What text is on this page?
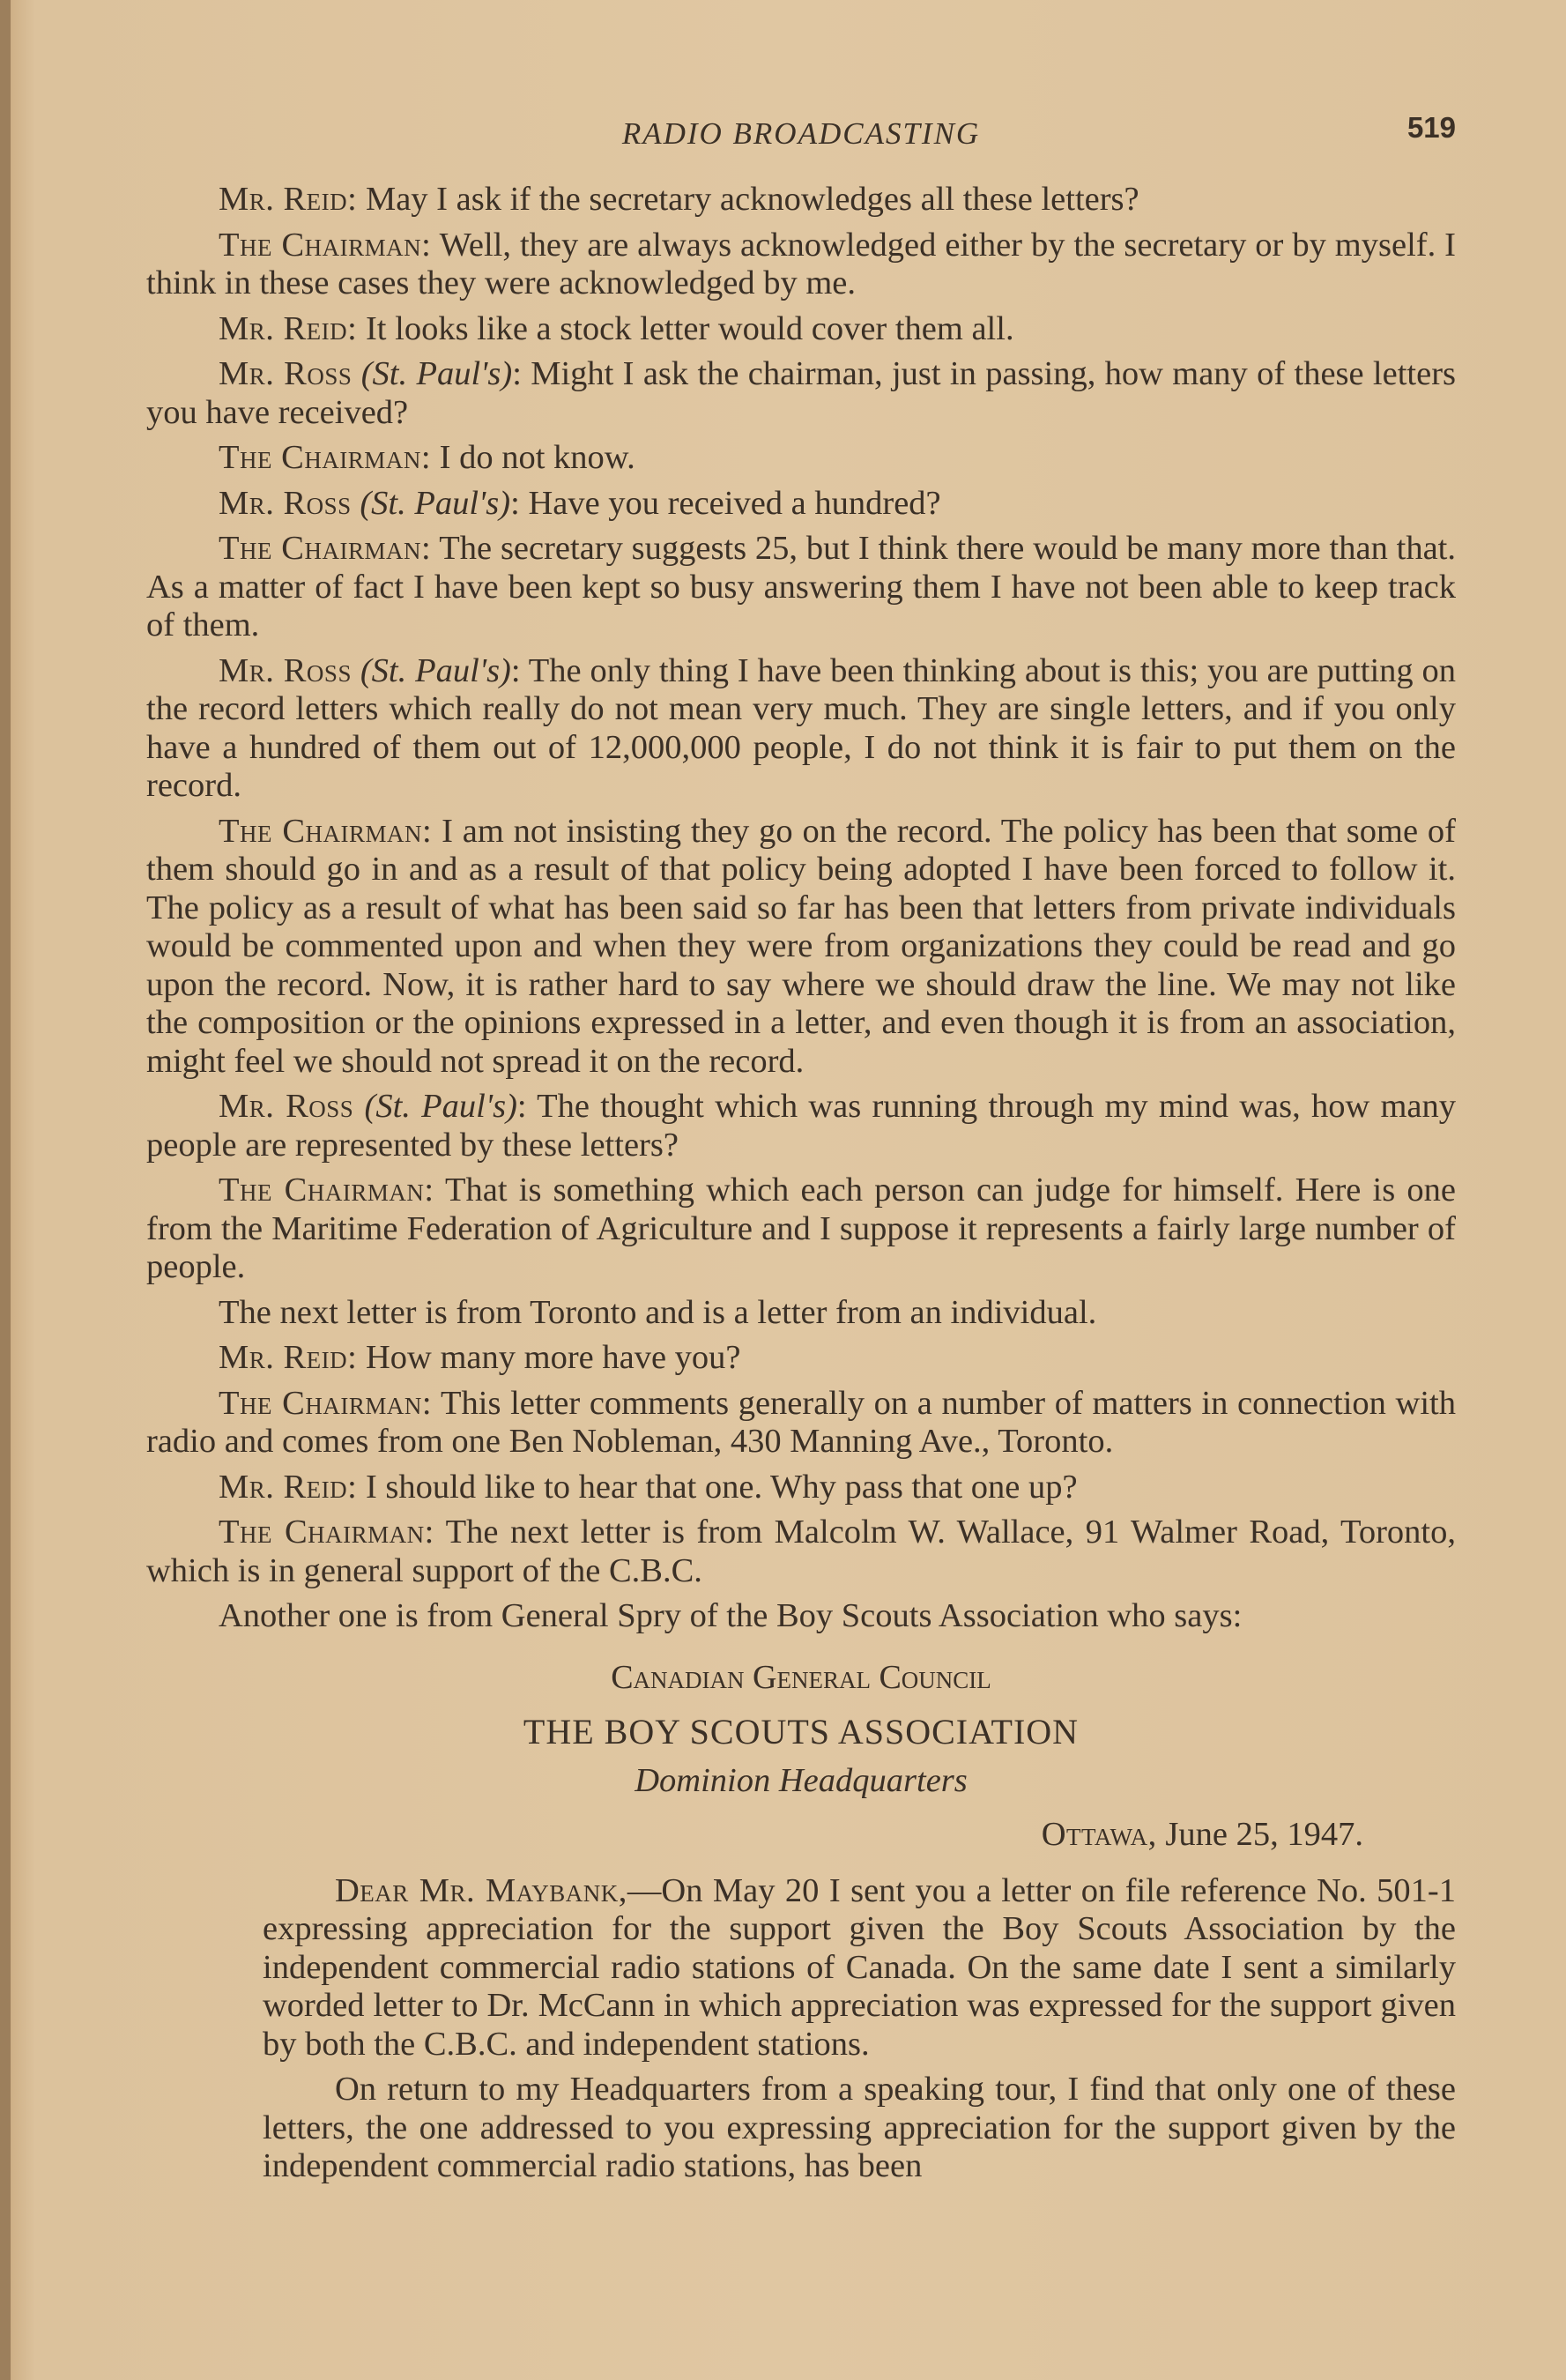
RADIO BROADCASTING	519

Mr. Reid: May I ask if the secretary acknowledges all these letters?

The Chairman: Well, they are always acknowledged either by the secretary or by myself. I think in these cases they were acknowledged by me.

Mr. Reid: It looks like a stock letter would cover them all.

Mr. Ross (St. Paul's): Might I ask the chairman, just in passing, how many of these letters you have received?

The Chairman: I do not know.

Mr. Ross (St. Paul's): Have you received a hundred?

The Chairman: The secretary suggests 25, but I think there would be many more than that. As a matter of fact I have been kept so busy answering them I have not been able to keep track of them.

Mr. Ross (St. Paul's): The only thing I have been thinking about is this; you are putting on the record letters which really do not mean very much. They are single letters, and if you only have a hundred of them out of 12,000,000 people, I do not think it is fair to put them on the record.

The Chairman: I am not insisting they go on the record. The policy has been that some of them should go in and as a result of that policy being adopted I have been forced to follow it. The policy as a result of what has been said so far has been that letters from private individuals would be commented upon and when they were from organizations they could be read and go upon the record. Now, it is rather hard to say where we should draw the line. We may not like the composition or the opinions expressed in a letter, and even though it is from an association, might feel we should not spread it on the record.

Mr. Ross (St. Paul's): The thought which was running through my mind was, how many people are represented by these letters?

The Chairman: That is something which each person can judge for himself. Here is one from the Maritime Federation of Agriculture and I suppose it represents a fairly large number of people.

The next letter is from Toronto and is a letter from an individual.

Mr. Reid: How many more have you?

The Chairman: This letter comments generally on a number of matters in connection with radio and comes from one Ben Nobleman, 430 Manning Ave., Toronto.

Mr. Reid: I should like to hear that one. Why pass that one up?

The Chairman: The next letter is from Malcolm W. Wallace, 91 Walmer Road, Toronto, which is in general support of the C.B.C.

Another one is from General Spry of the Boy Scouts Association who says:

Canadian General Council

THE BOY SCOUTS ASSOCIATION

Dominion Headquarters

Ottawa, June 25, 1947.

Dear Mr. Maybank,—On May 20 I sent you a letter on file reference No. 501-1 expressing appreciation for the support given the Boy Scouts Association by the independent commercial radio stations of Canada. On the same date I sent a similarly worded letter to Dr. McCann in which appreciation was expressed for the support given by both the C.B.C. and independent stations.

On return to my Headquarters from a speaking tour, I find that only one of these letters, the one addressed to you expressing appreciation for the support given by the independent commercial radio stations, has been
